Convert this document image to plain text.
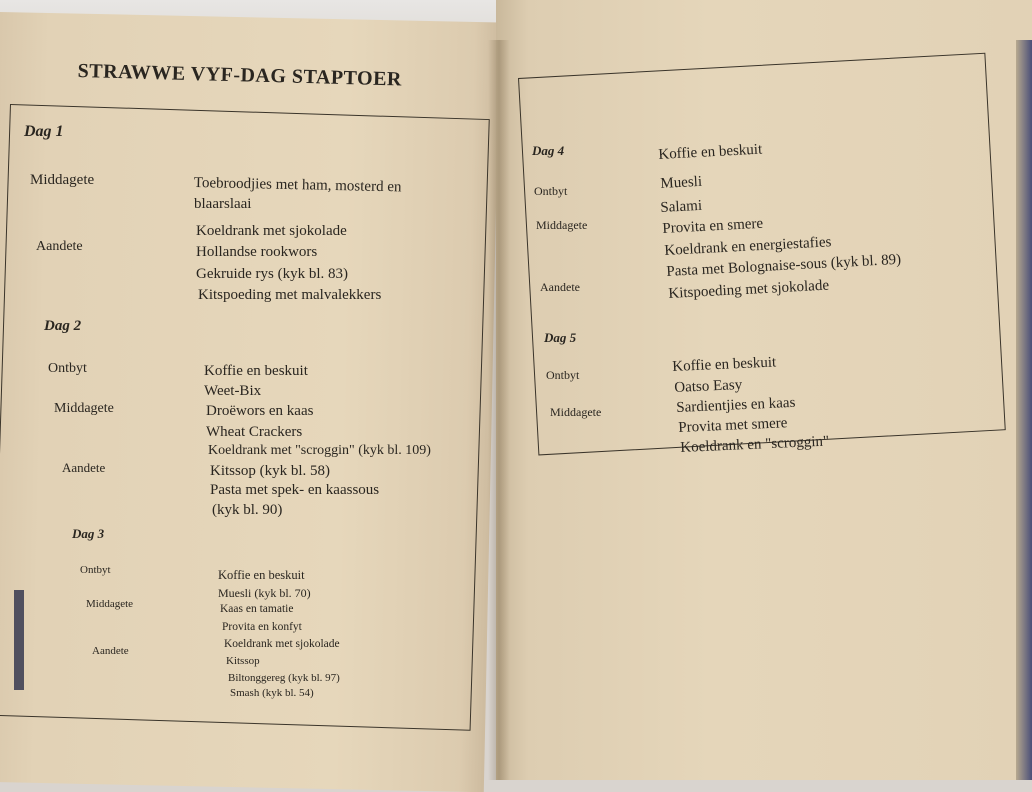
STRAWWE VYF-DAG STAPTOER
Dag 1
Middagete
Aandete
Toebroodjies met ham, mosterd en
blaarslaai
Koeldrank met sjokolade
Hollandse rookwors
Gekruide rys (kyk bl. 83)
Kitspoeding met malvalekkers
Dag 2
Ontbyt
Middagete
Aandete
Koffie en beskuit
Weet-Bix
Droëwors en kaas
Wheat Crackers
Koeldrank met "scroggin" (kyk bl. 109)
Kitssop (kyk bl. 58)
Pasta met spek- en kaassous
(kyk bl. 90)
Dag 3
Ontbyt
Middagete
Aandete
Koffie en beskuit
Muesli (kyk bl. 70)
Kaas en tamatie
Provita en konfyt
Koeldrank met sjokolade
Kitssop
Biltonggereg (kyk bl. 97)
Smash (kyk bl. 54)
Dag 4
Ontbyt
Middagete
Aandete
Koffie en beskuit
Muesli
Salami
Provita en smere
Koeldrank en energiestafies
Pasta met Bolognaise-sous (kyk bl. 89)
Kitspoeding met sjokolade
Dag 5
Ontbyt
Middagete
Koffie en beskuit
Oatso Easy
Sardientjies en kaas
Provita met smere
Koeldrank en "scroggin"
